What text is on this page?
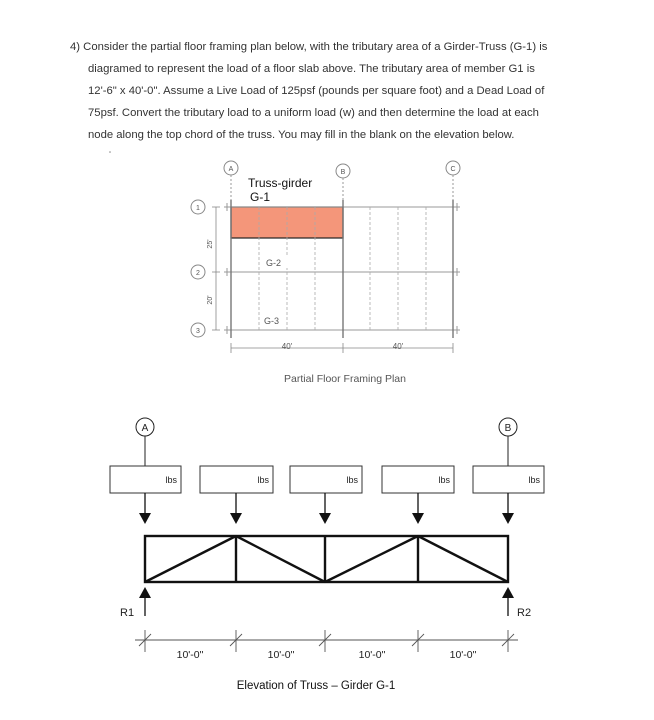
4) Consider the partial floor framing plan below, with the tributary area of a Girder-Truss (G-1) is

diagramed to represent the load of a floor slab above. The tributary area of member G1 is

12'-6" x 40'-0". Assume a Live Load of 125psf (pounds per square foot) and a Dead Load of

75psf. Convert the tributary load to a uniform load (w) and then determine the load at each

node along the top chord of the truss. You may fill in the blank on the elevation below.

A	B	C
1
2
3
25'
20'
Truss-girder
G-1
G-2
G-3
40'	40'
Partial Floor Framing Plan
A	B
lbs	lbs	lbs	lbs	lbs
R1	R2
10'-0"	10'-0"	10'-0"	10'-0"
Elevation of Truss – Girder G-1
